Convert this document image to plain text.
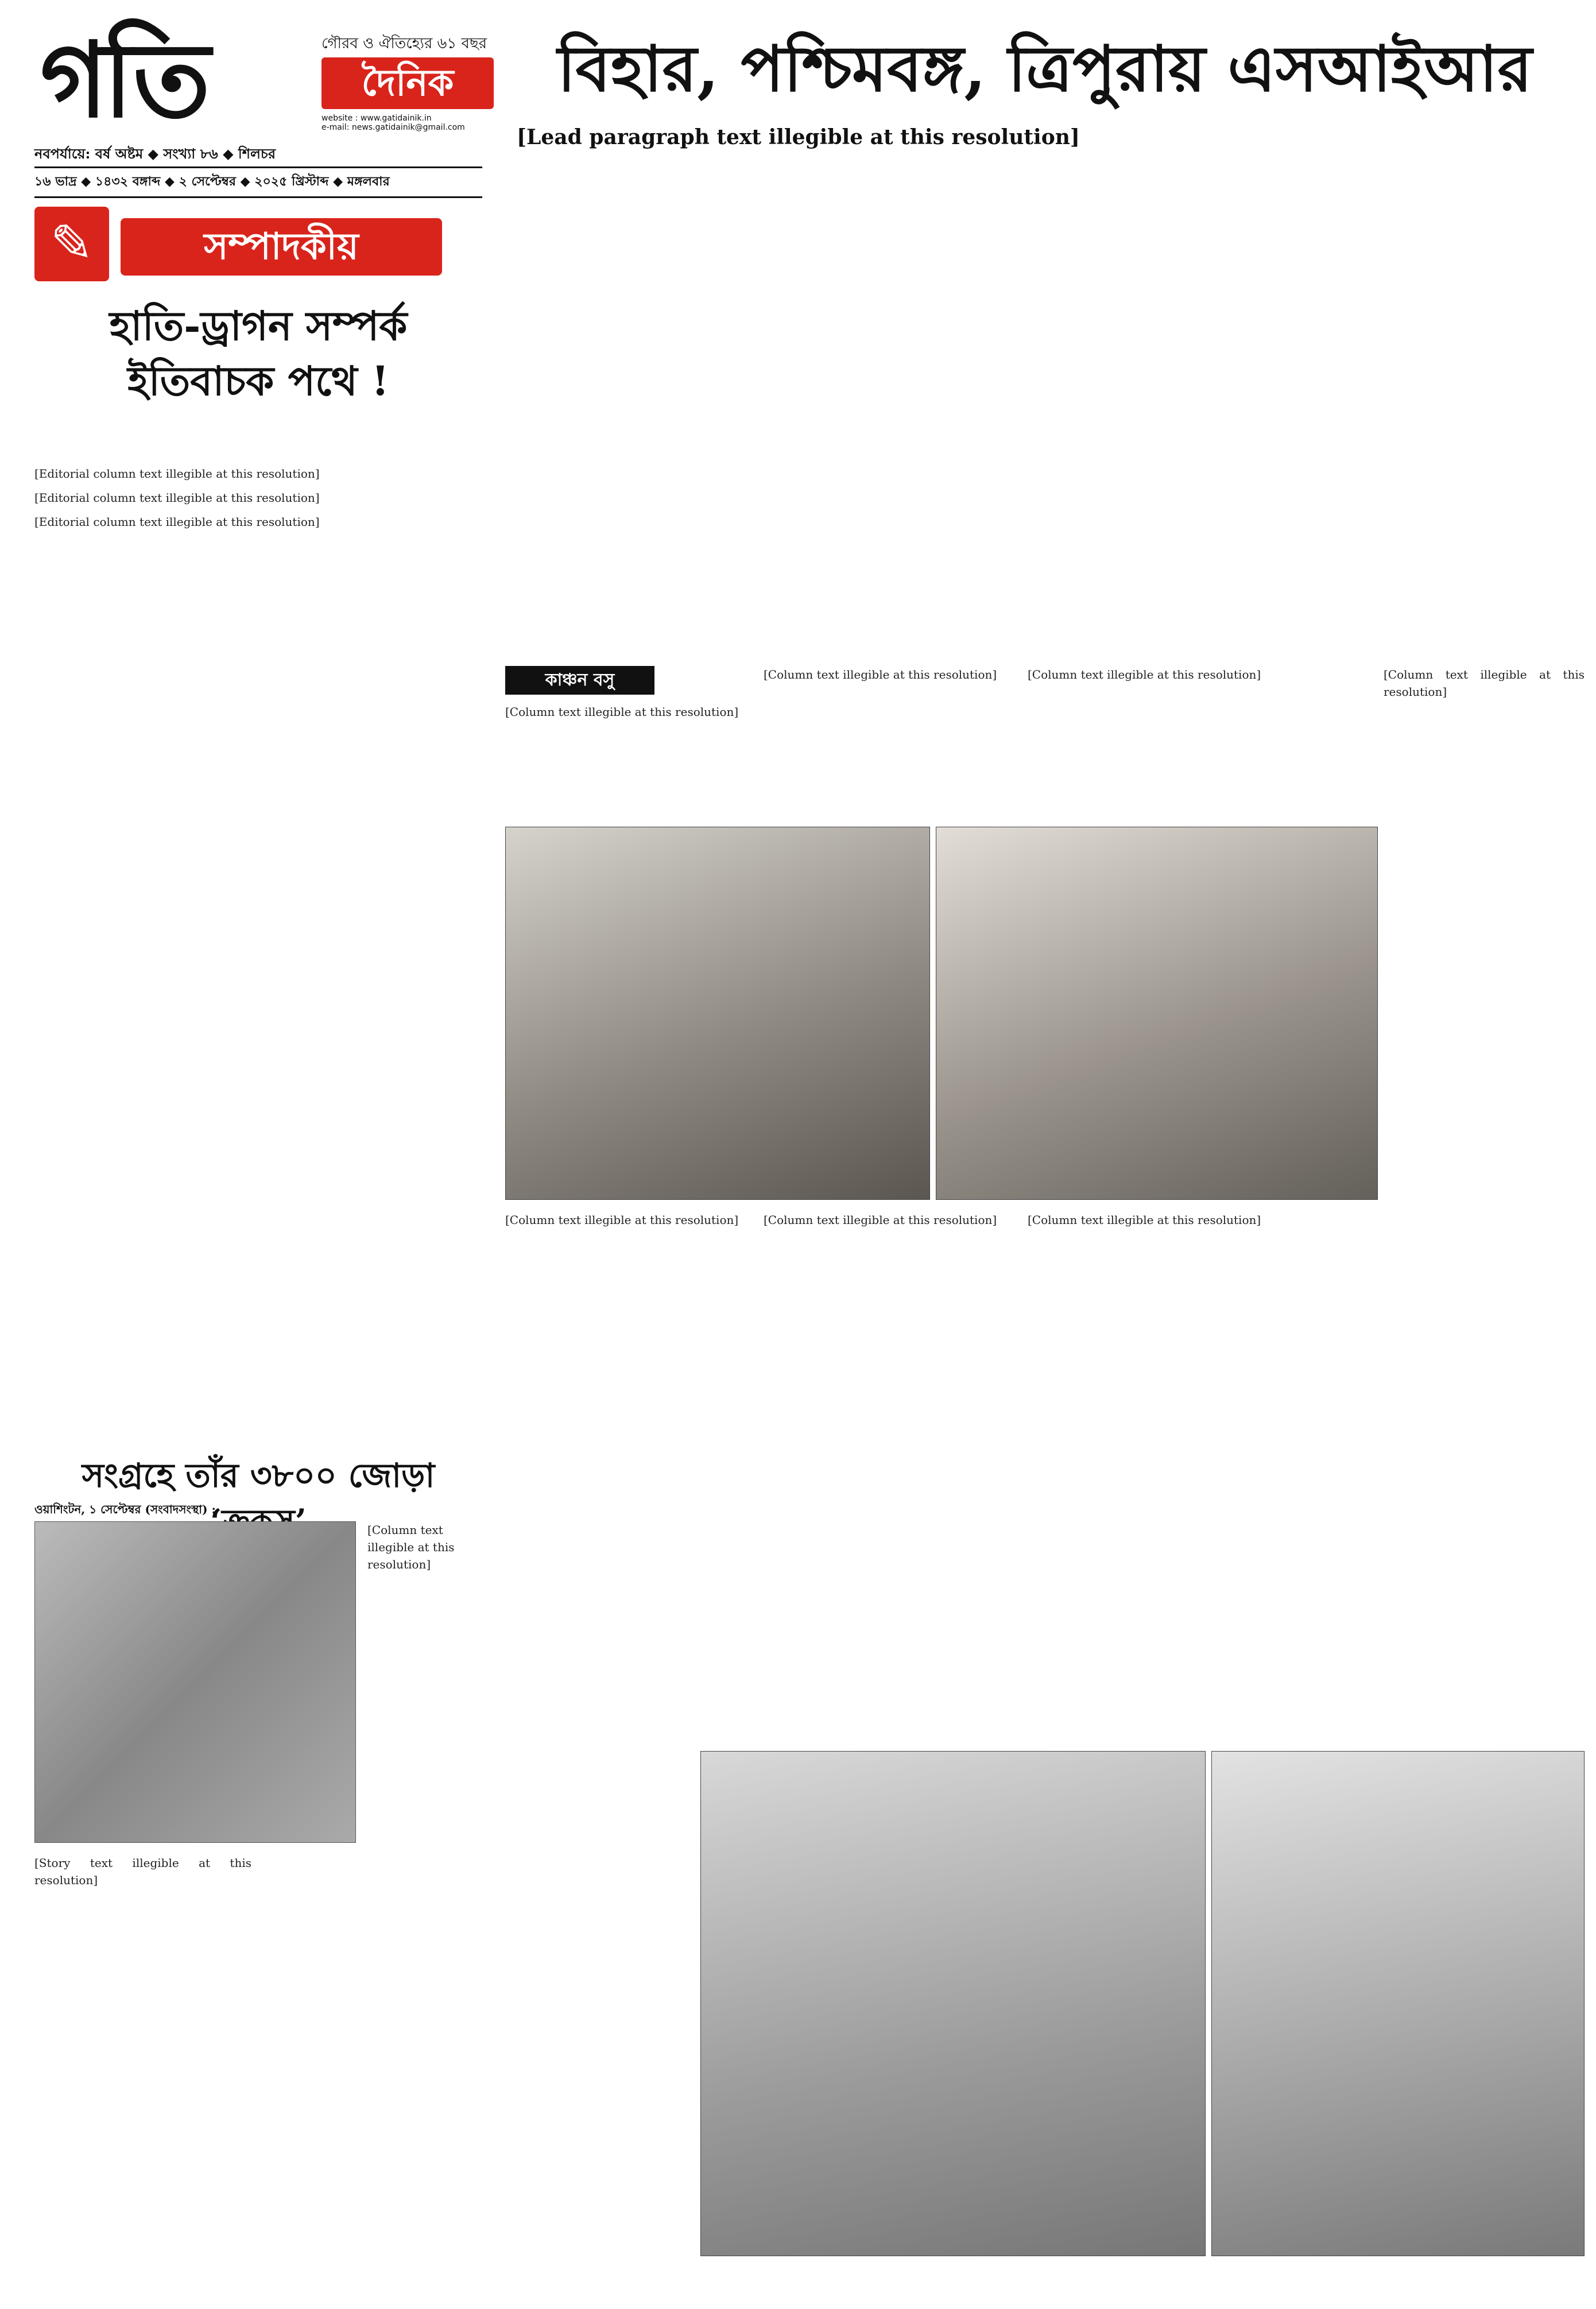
গতি	গৌরব ও ঐতিহ্যের ৬১ বছর
দৈনিক
website : www.gatidainik.in
e-mail: news.gatidainik@gmail.com
বিহার, পশ্চিমবঙ্গ, ত্রিপুরায় এসআইআর
নবপর্যায়ে: বর্ষ অষ্টম ◆ সংখ্যা ৮৬ ◆ শিলচর
১৬ ভাদ্র ◆ ১৪৩২ বঙ্গাব্দ ◆ ২ সেপ্টেম্বর ◆ ২০২৫ খ্রিস্টাব্দ ◆ মঙ্গলবার
✎	সম্পাদকীয়
হাতি-ড্রাগন সম্পর্ক
ইতিবাচক পথে !

[Editorial column text illegible at this resolution]

[Editorial column text illegible at this resolution]

[Editorial column text illegible at this resolution]

সংগ্রহে তাঁর ৩৮০০ জোড়া
ওয়াশিংটন, ১ সেপ্টেম্বর (সংবাদসংস্থা) :
[Column text illegible at this resolution]
[Story text illegible at this resolution]

[Lead paragraph text illegible at this resolution]

কাঞ্চন বসু
[Column text illegible at this resolution]
[Column text illegible at this resolution]	[Column text illegible at this resolution]	[Column text illegible at this resolution]
[Column text illegible at this resolution]	[Column text illegible at this resolution]	[Column text illegible at this resolution]
